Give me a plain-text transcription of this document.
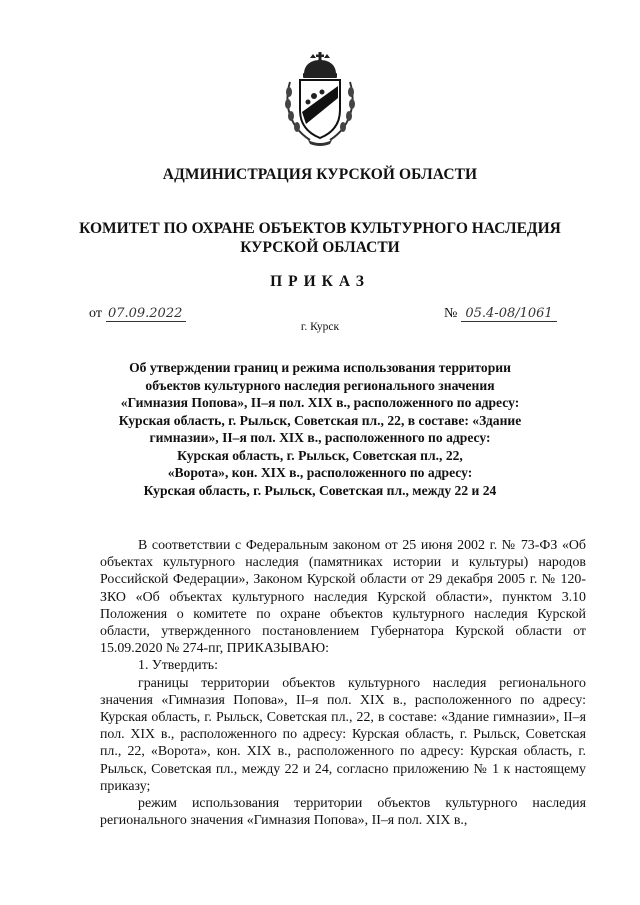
АДМИНИСТРАЦИЯ КУРСКОЙ ОБЛАСТИ
КОМИТЕТ ПО ОХРАНЕ ОБЪЕКТОВ КУЛЬТУРНОГО НАСЛЕДИЯ
КУРСКОЙ ОБЛАСТИ
ПРИКАЗ
от 07.09.2022	№ 05.4-08/1061
г. Курск
Об утверждении границ и режима использования территории
объектов культурного наследия регионального значения
«Гимназия Попова», II–я пол. XIX в., расположенного по адресу:
Курская область, г. Рыльск, Советская пл., 22, в составе: «Здание
гимназии», II–я пол. XIX в., расположенного по адресу:
Курская область, г. Рыльск, Советская пл., 22,
«Ворота», кон. XIX в., расположенного по адресу:
Курская область, г. Рыльск, Советская пл., между 22 и 24

В соответствии с Федеральным законом от 25 июня 2002 г. № 73-ФЗ «Об объектах культурного наследия (памятниках истории и культуры) народов Российской Федерации», Законом Курской области от 29 декабря 2005 г. № 120-ЗКО «Об объектах культурного наследия Курской области», пунктом 3.10 Положения о комитете по охране объектов культурного наследия Курской области, утвержденного постановлением Губернатора Курской области от 15.09.2020 № 274-пг, ПРИКАЗЫВАЮ:

1. Утвердить:

границы территории объектов культурного наследия регионального значения «Гимназия Попова», II–я пол. XIX в., расположенного по адресу: Курская область, г. Рыльск, Советская пл., 22, в составе: «Здание гимназии», II–я пол. XIX в., расположенного по адресу: Курская область, г. Рыльск, Советская пл., 22, «Ворота», кон. XIX в., расположенного по адресу: Курская область, г. Рыльск, Советская пл., между 22 и 24, согласно приложению № 1 к настоящему приказу;

режим использования территории объектов культурного наследия регионального значения «Гимназия Попова», II–я пол. XIX в.,
